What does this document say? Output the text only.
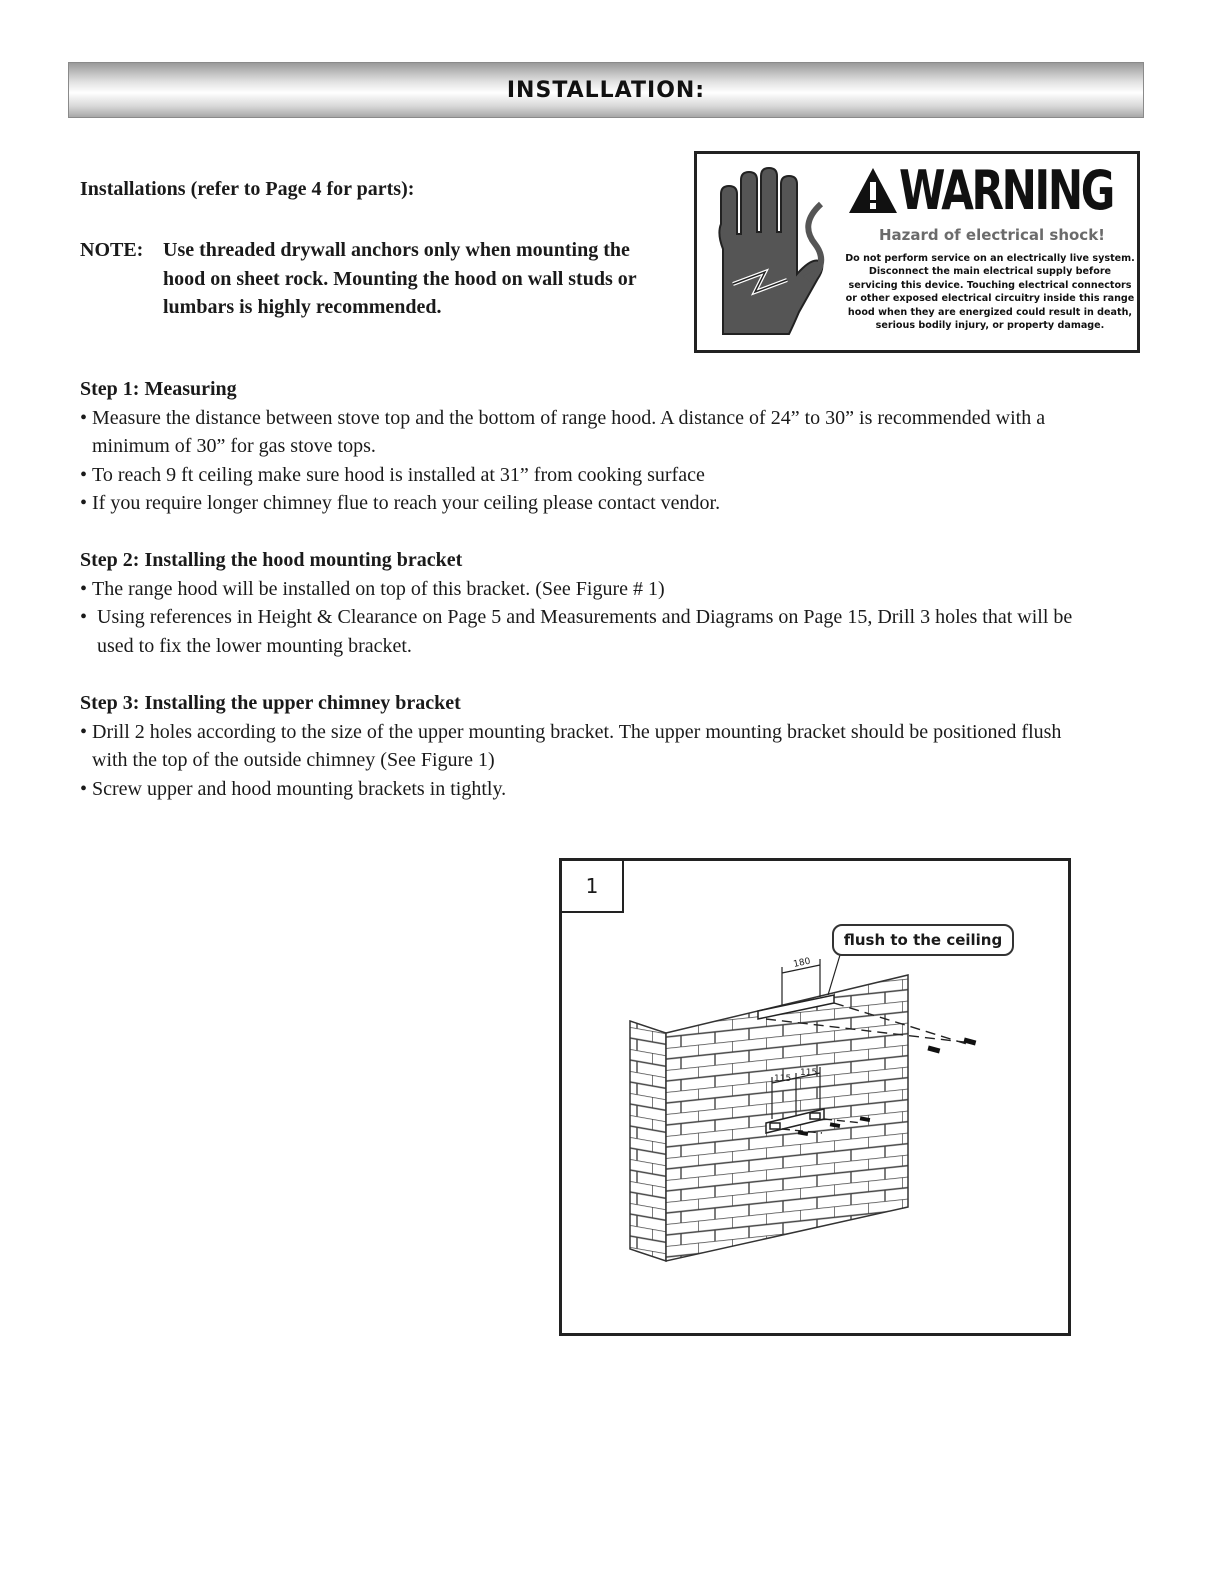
INSTALLATION:

Installations (refer to Page 4 for parts):

NOTE: Use threaded drywall anchors only when mounting the hood on sheet rock. Mounting the hood on wall studs or lumbars is highly recommended.
WARNING
Hazard of electrical shock!
Do not perform service on an electrically live system. Disconnect the main electrical supply before servicing this device. Touching electrical connectors or other exposed electrical circuitry inside this range hood when they are energized could result in death, serious bodily injury, or property damage.
Step 1: Measuring
• Measure the distance between stove top and the bottom of range hood. A distance of 24” to 30” is recommended with a minimum of 30” for gas stove tops.
• To reach 9 ft ceiling make sure hood is installed at 31” from cooking surface
• If you require longer chimney flue to reach your ceiling please contact vendor.
Step 2: Installing the hood mounting bracket
• The range hood will be installed on top of this bracket. (See Figure # 1)
• Using references in Height & Clearance on Page 5 and Measurements and Diagrams on Page 15, Drill 3 holes that will be used to fix the lower mounting bracket.
Step 3: Installing the upper chimney bracket
• Drill 2 holes according to the size of the upper mounting bracket. The upper mounting bracket should be positioned flush with the top of the outside chimney (See Figure 1)
• Screw upper and hood mounting brackets in tightly.
1
180
115
115
flush to the ceiling
